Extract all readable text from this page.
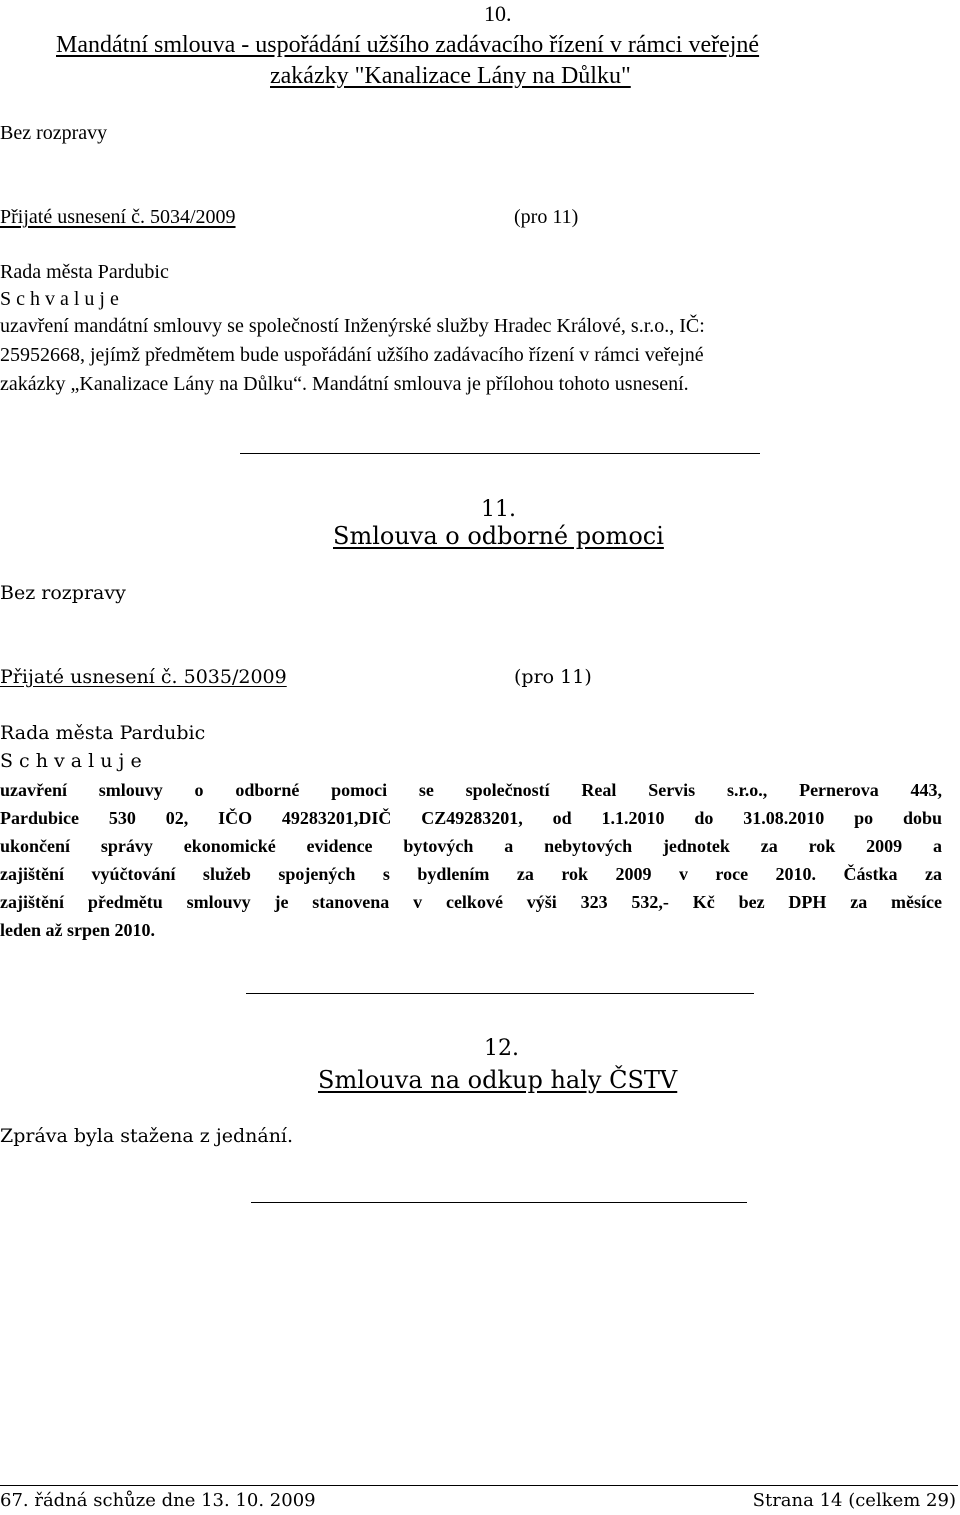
10.
Mandátní smlouva - uspořádání užšího zadávacího řízení v rámci veřejné
zakázky "Kanalizace Lány na Důlku"
Bez rozpravy
Přijaté usnesení č. 5034/2009	(pro 11)
Rada města Pardubic
S c h v a l u j e
uzavření mandátní smlouvy se společností Inženýrské služby Hradec Králové, s.r.o., IČ:
25952668, jejímž předmětem bude uspořádání užšího zadávacího řízení v rámci veřejné
zakázky „Kanalizace Lány na Důlku“. Mandátní smlouva je přílohou tohoto usnesení.
11.
Smlouva o odborné pomoci
Bez rozpravy
Přijaté usnesení č. 5035/2009	(pro 11)
Rada města Pardubic
S c h v a l u j e
uzavření smlouvy o odborné pomoci se společností Real Servis s.r.o., Pernerova 443,
Pardubice 530 02, IČO 49283201,DIČ CZ49283201, od 1.1.2010 do 31.08.2010 po dobu
ukončení správy ekonomické evidence bytových a nebytových jednotek za rok 2009 a
zajištění vyúčtování služeb spojených s bydlením za rok 2009 v roce 2010. Částka za
zajištění předmětu smlouvy je stanovena v celkové výši 323 532,- Kč bez DPH za měsíce
leden až srpen 2010.
12.
Smlouva na odkup haly ČSTV
Zpráva byla stažena z jednání.
67. řádná schůze dne 13. 10. 2009	Strana 14 (celkem 29)
